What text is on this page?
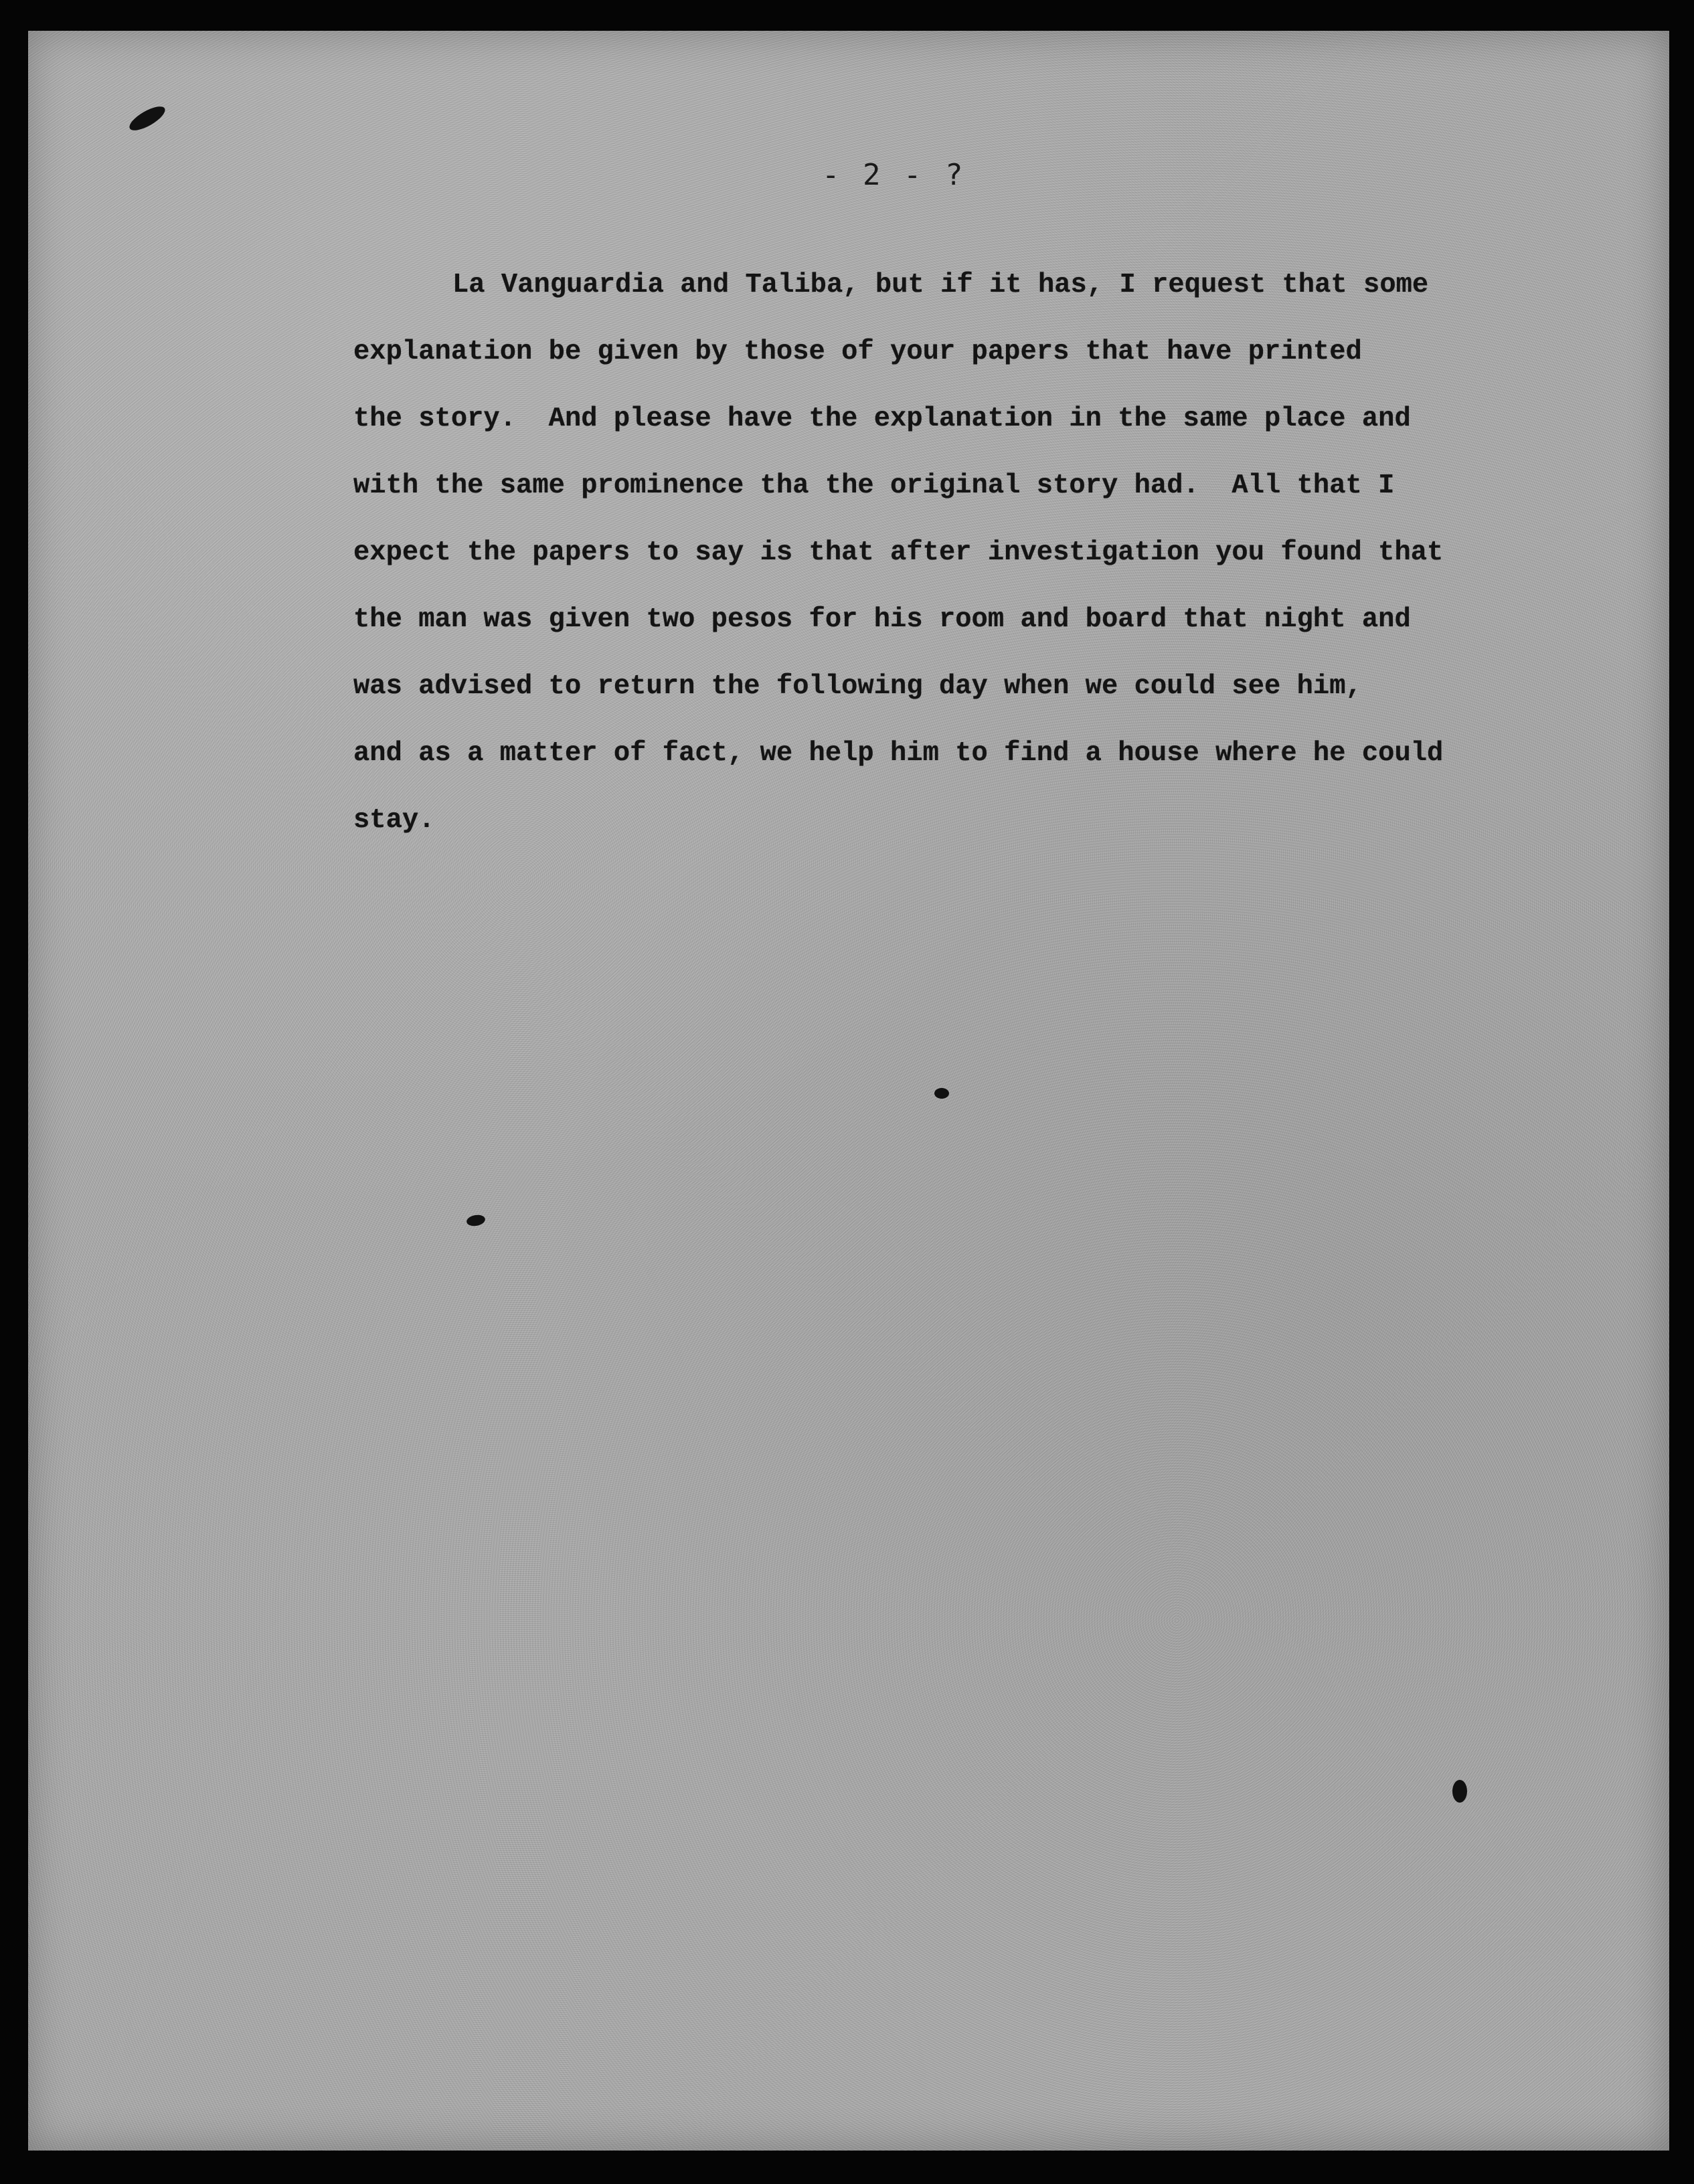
- 2 - ?
La Vanguardia and Taliba, but if it has, I request that some
explanation be given by those of your papers that have printed
the story.  And please have the explanation in the same place and
with the same prominence tha the original story had.  All that I
expect the papers to say is that after investigation you found that
the man was given two pesos for his room and board that night and
was advised to return the following day when we could see him,
and as a matter of fact, we help him to find a house where he could
stay.
